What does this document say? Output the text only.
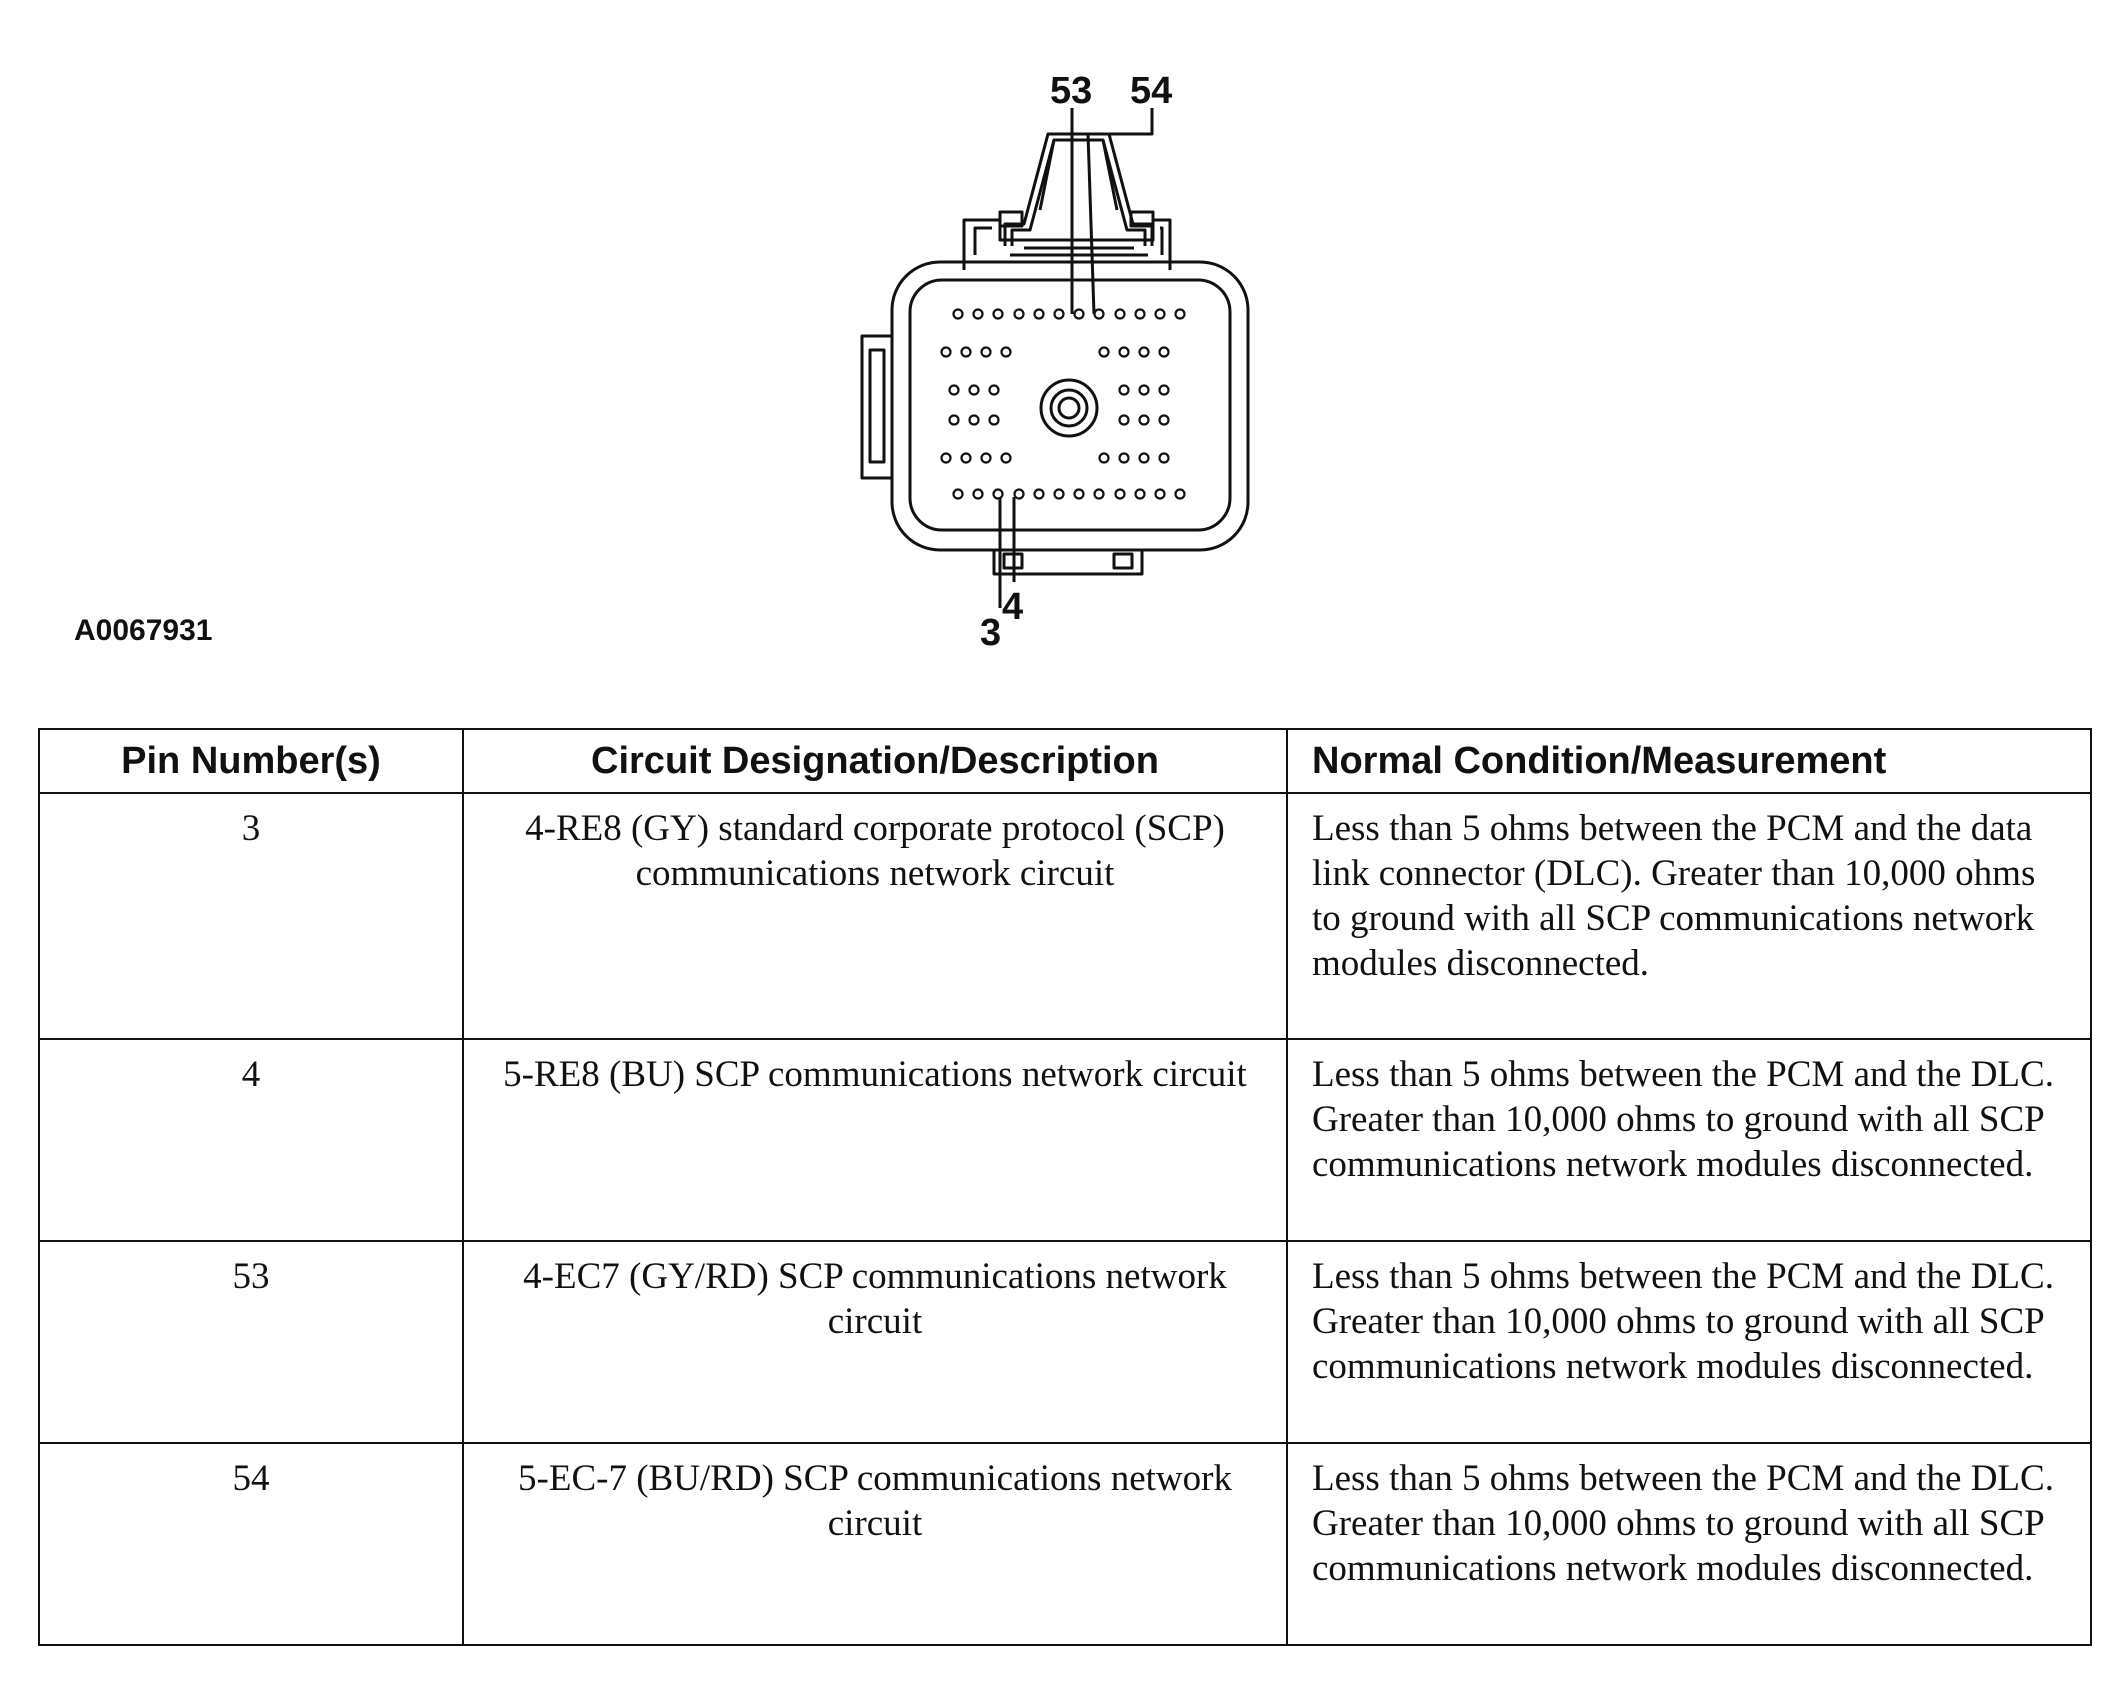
53 54
4
3
A0067931
Pin Number(s)	Circuit Designation/Description	Normal Condition/Measurement
3	4-RE8 (GY) standard corporate protocol (SCP) communications network circuit	Less than 5 ohms between the PCM and the data link connector (DLC). Greater than 10,000 ohms to ground with all SCP communications network modules disconnected.
4	5-RE8 (BU) SCP communications network circuit	Less than 5 ohms between the PCM and the DLC. Greater than 10,000 ohms to ground with all SCP communications network modules disconnected.
53	4-EC7 (GY/RD) SCP communications network circuit	Less than 5 ohms between the PCM and the DLC. Greater than 10,000 ohms to ground with all SCP communications network modules disconnected.
54	5-EC-7 (BU/RD) SCP communications network circuit	Less than 5 ohms between the PCM and the DLC. Greater than 10,000 ohms to ground with all SCP communications network modules disconnected.
